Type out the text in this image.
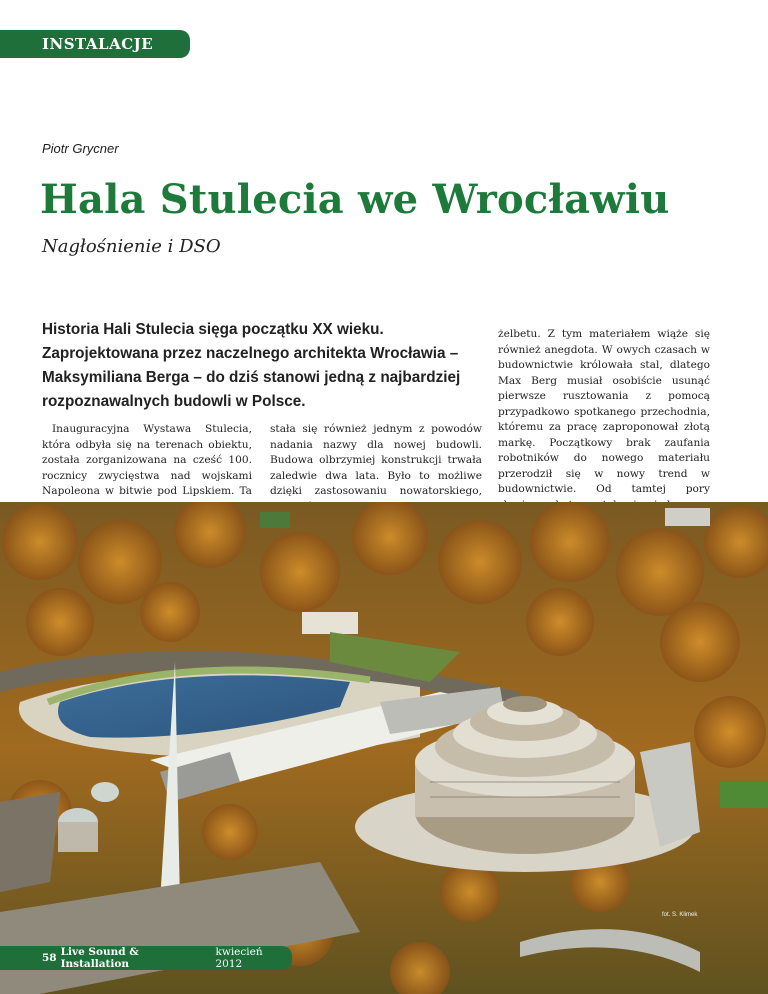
INSTALACJE
Piotr Grycner
Hala Stulecia we Wrocławiu
Nagłośnienie i DSO

Historia Hali Stulecia sięga początku XX wieku. Zaprojektowana przez naczelnego architekta Wrocławia – Maksymiliana Berga – do dziś stanowi jedną z najbardziej rozpoznawalnych budowli w Polsce.

Inauguracyjna Wystawa Stulecia, która odbyła się na terenach obiektu, została zorganizowana na cześć 100. rocznicy zwycięstwa nad wojskami Napoleona w bitwie pod Lipskiem. Ta

stała się również jednym z powodów nadania nazwy dla nowej budowli. Budowa olbrzymiej konstrukcji trwała zaledwie dwa lata. Było to możliwe dzięki zastosowaniu nowatorskiego,

żelbetu. Z tym materiałem wiąże się również anegdota. W owych czasach w budownictwie królowała stal, dlatego Max Berg musiał osobiście usunąć pierwsze rusztowania z pomocą przypadkowo spotkanego przechodnia, któremu za pracę zaproponował złotą markę. Początkowy brak zaufania robotników do nowego materiału przerodził się w nowy trend w budownictwie. Od tamtej pory

fot. S. Klimek
58 Live Sound & Installation
kwiecień 2012
